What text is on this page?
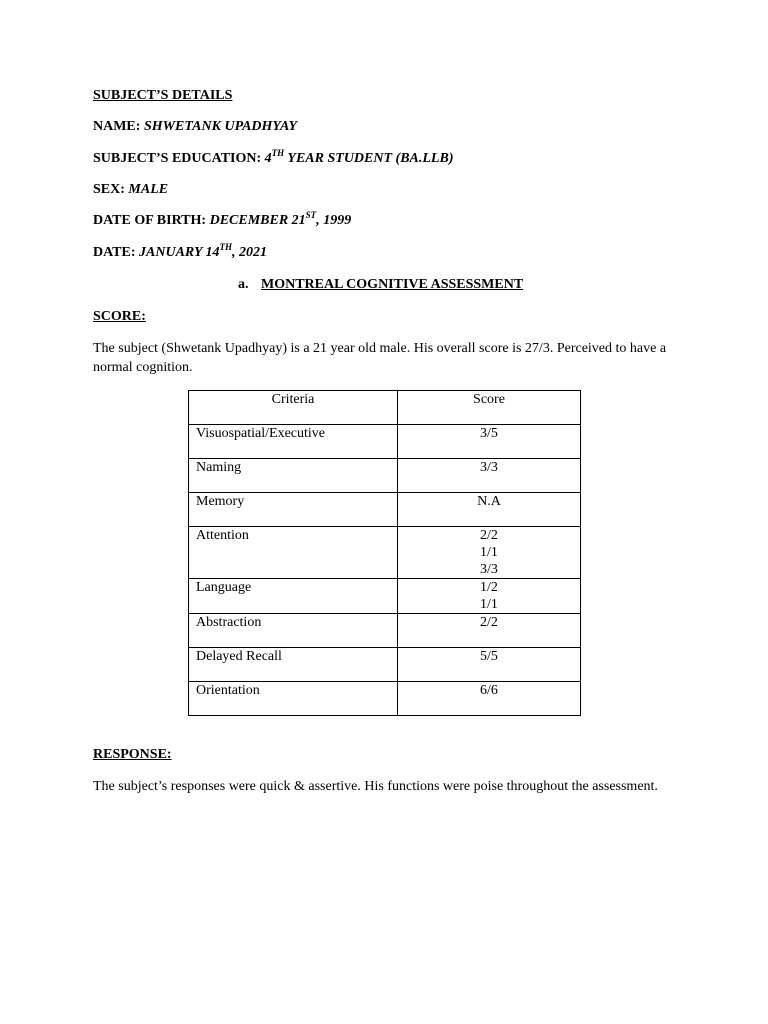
SUBJECT’S DETAILS
NAME: SHWETANK UPADHYAY
SUBJECT’S EDUCATION: 4TH YEAR STUDENT (BA.LLB)
SEX: MALE
DATE OF BIRTH: DECEMBER 21ST, 1999
DATE: JANUARY 14TH, 2021
a. MONTREAL COGNITIVE ASSESSMENT
SCORE:
The subject (Shwetank Upadhyay) is a 21 year old male. His overall score is 27/3. Perceived to have a normal cognition.
Criteria	Score
Visuospatial/Executive	3/5

Naming	3/3

Memory	N.A

Attention	2/2
1/1
3/3

Language	1/2
1/1

Abstraction	2/2

Delayed Recall	5/5

Orientation	6/6
RESPONSE:
The subject’s responses were quick & assertive. His functions were poise throughout the assessment.
